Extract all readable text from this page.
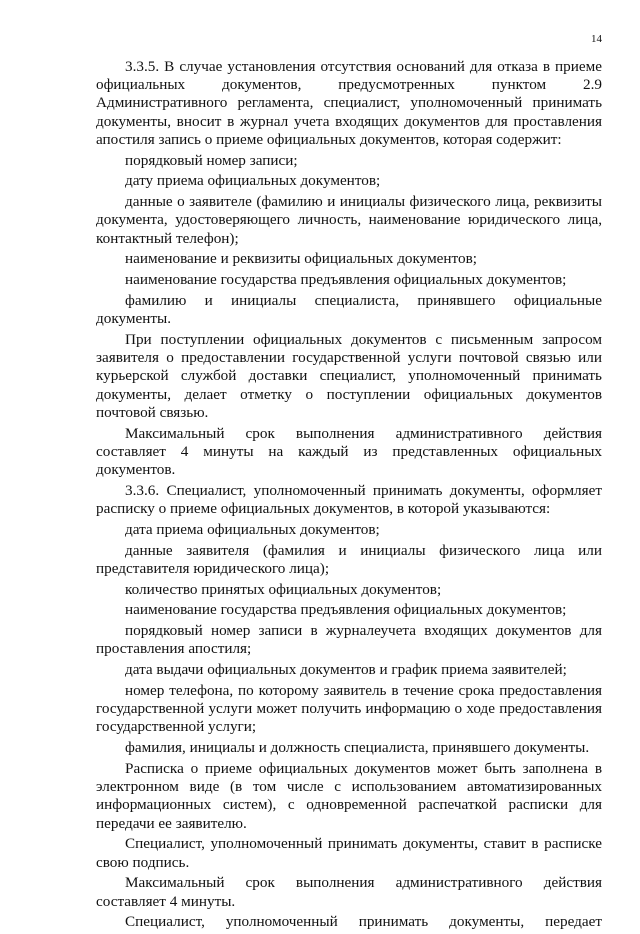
14

3.3.5. В случае установления отсутствия оснований для отказа в приеме официальных документов, предусмотренных пунктом 2.9 Административного регламента, специалист, уполномоченный принимать документы, вносит в журнал учета входящих документов для проставления апостиля запись о приеме официальных документов, которая содержит:

порядковый номер записи;

дату приема официальных документов;

данные о заявителе (фамилию и инициалы физического лица, реквизиты документа, удостоверяющего личность, наименование юридического лица, контактный телефон);

наименование и реквизиты официальных документов;

наименование государства предъявления официальных документов;

фамилию и инициалы специалиста, принявшего официальные документы.

При поступлении официальных документов с письменным запросом заявителя о предоставлении государственной услуги почтовой связью или курьерской службой доставки специалист, уполномоченный принимать документы, делает отметку о поступлении официальных документов почтовой связью.

Максимальный срок выполнения административного действия составляет 4 минуты на каждый из представленных официальных документов.

3.3.6. Специалист, уполномоченный принимать документы, оформляет расписку о приеме официальных документов, в которой указываются:

дата приема официальных документов;

данные заявителя (фамилия и инициалы физического лица или представителя юридического лица);

количество принятых официальных документов;

наименование государства предъявления официальных документов;

порядковый номер записи в журналеучета входящих документов для проставления апостиля;

дата выдачи официальных документов и график приема заявителей;

номер телефона, по которому заявитель в течение срока предоставления государственной услуги может получить информацию о ходе предоставления государственной услуги;

фамилия, инициалы и должность специалиста, принявшего документы.

Расписка о приеме официальных документов может быть заполнена в электронном виде (в том числе с использованием автоматизированных информационных систем), с одновременной распечаткой расписки для передачи ее заявителю.

Специалист, уполномоченный принимать документы, ставит в расписке свою подпись.

Максимальный срок выполнения административного действия составляет 4 минуты.

Специалист, уполномоченный принимать документы, передает
